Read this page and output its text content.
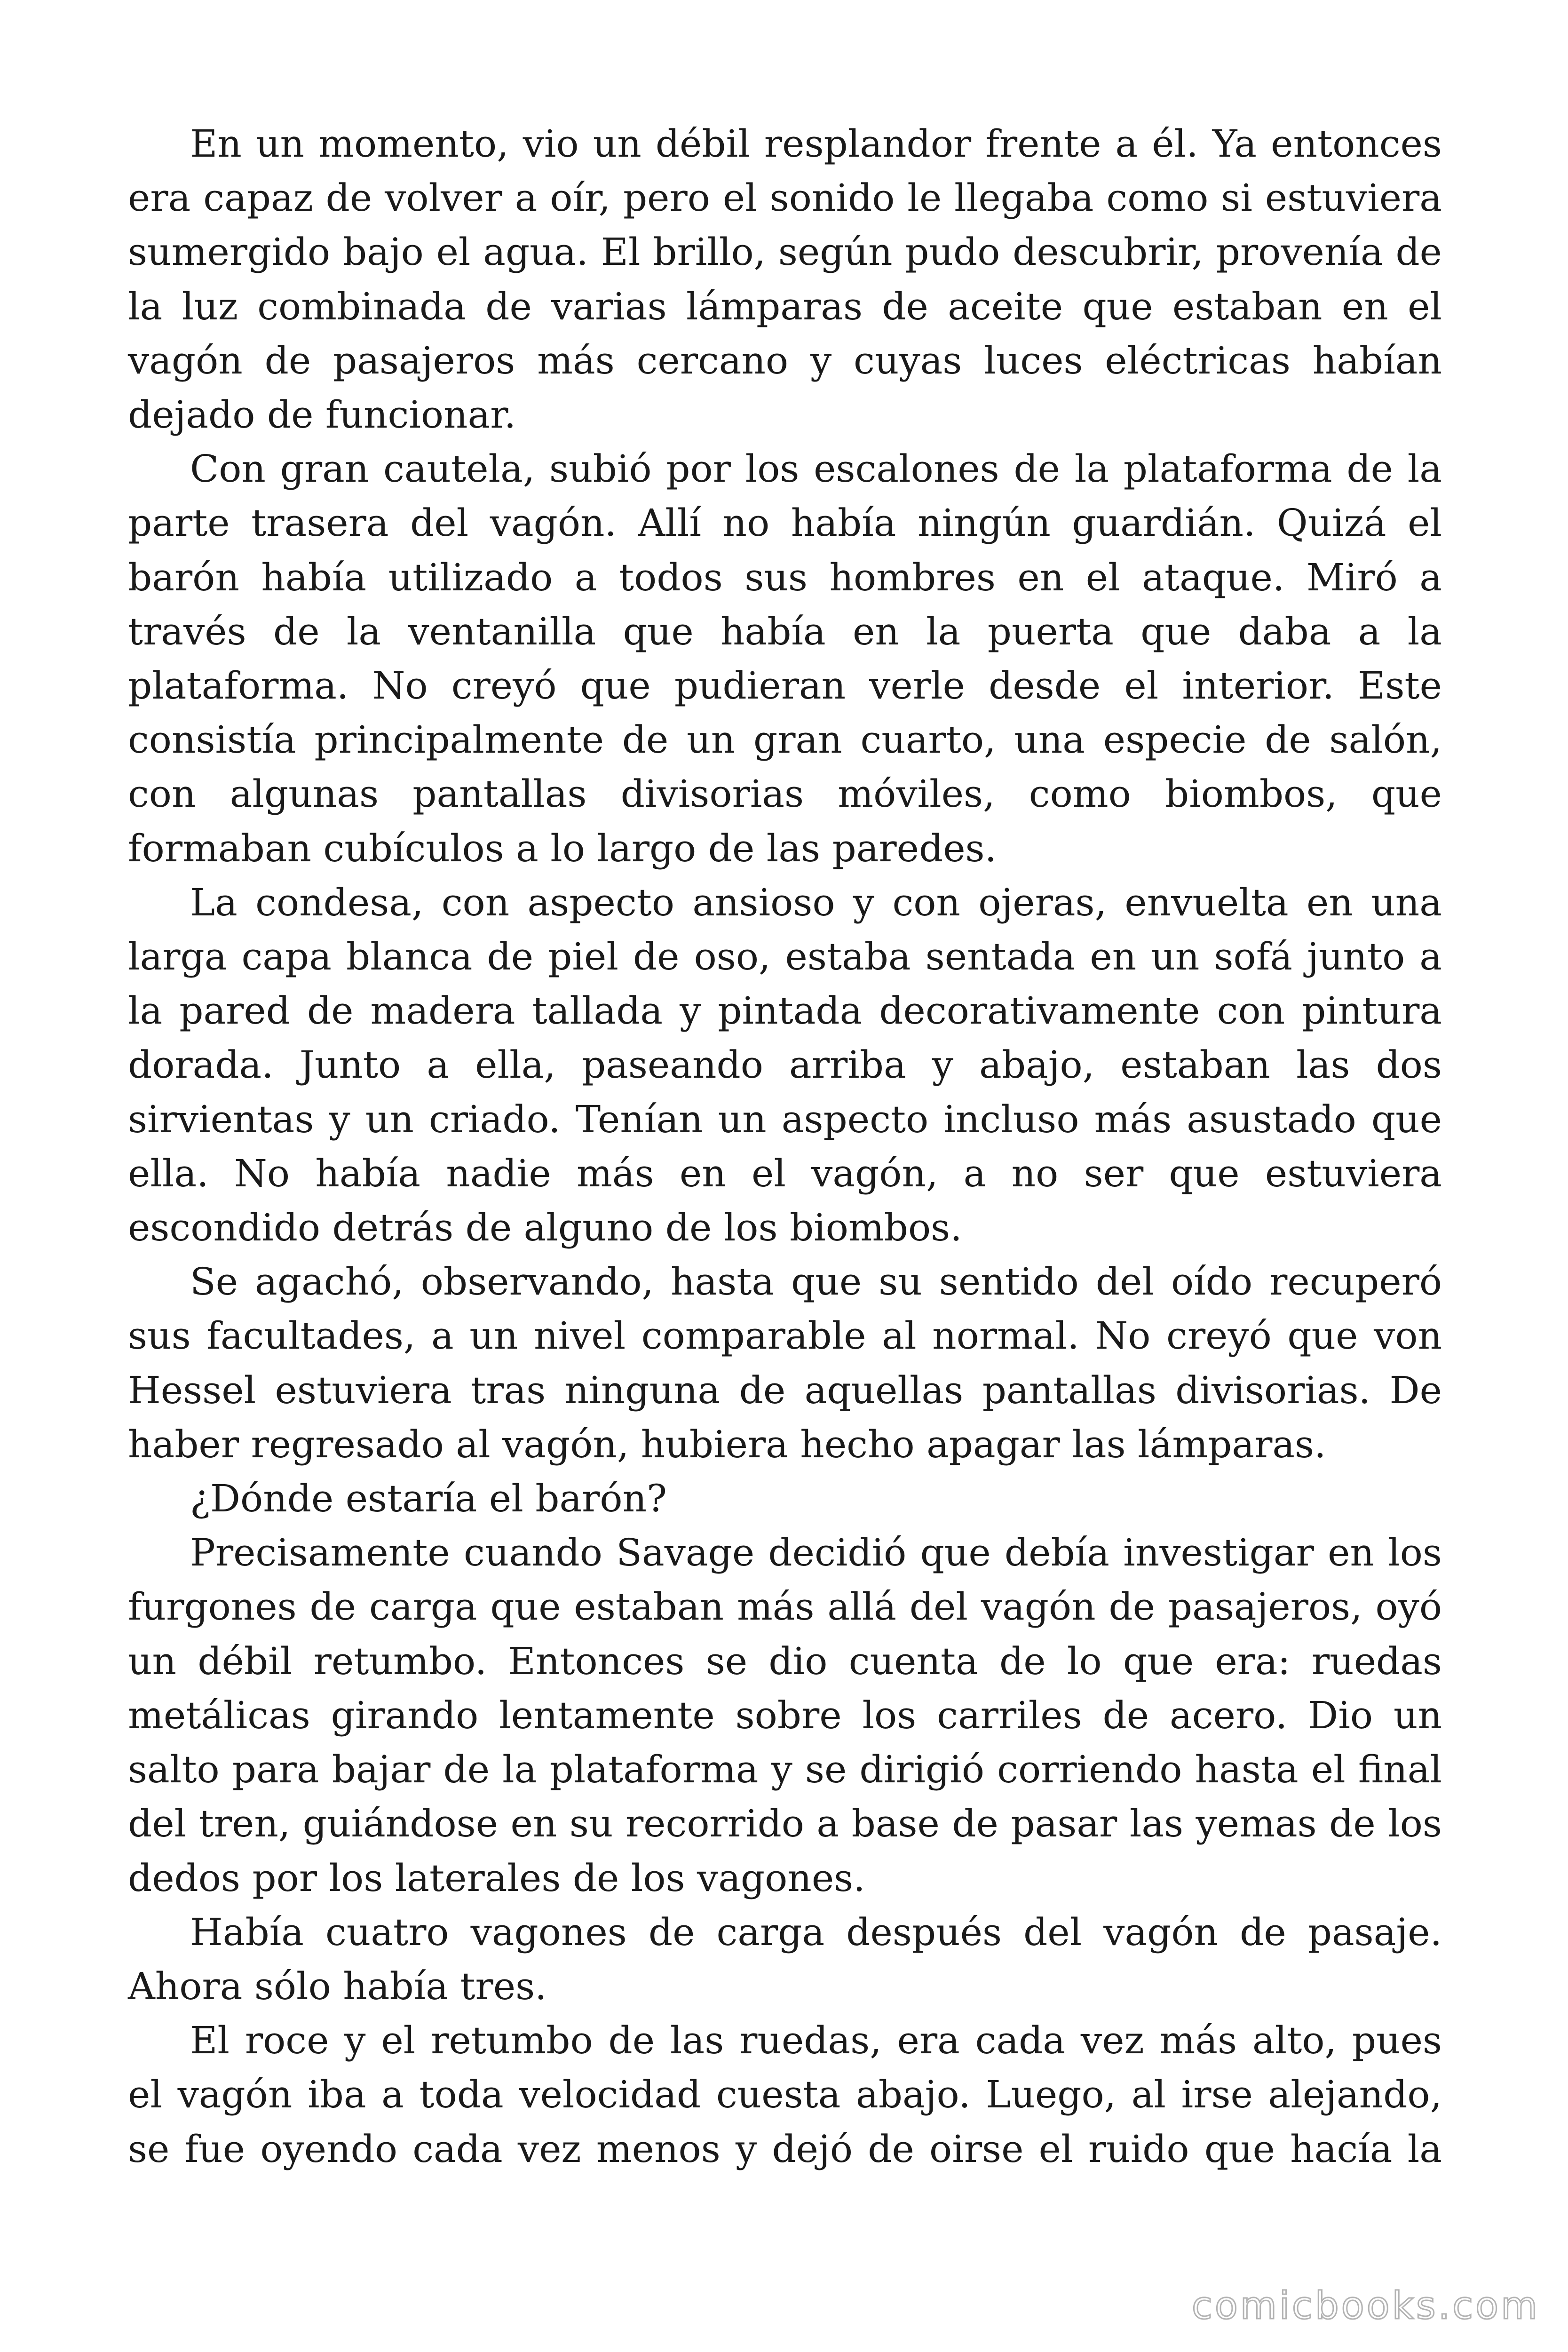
En un momento, vio un débil resplandor frente a él. Ya entonces era capaz de volver a oír, pero el sonido le llegaba como si estuviera sumergido bajo el agua. El brillo, según pudo descubrir, provenía de la luz combinada de varias lámparas de aceite que estaban en el vagón de pasajeros más cercano y cuyas luces eléctricas habían dejado de funcionar.

Con gran cautela, subió por los escalones de la plataforma de la parte trasera del vagón. Allí no había ningún guardián. Quizá el barón había utilizado a todos sus hombres en el ataque. Miró a través de la ventanilla que había en la puerta que daba a la plataforma. No creyó que pudieran verle desde el interior. Este consistía principalmente de un gran cuarto, una especie de salón, con algunas pantallas divisorias móviles, como biombos, que formaban cubículos a lo largo de las paredes.

La condesa, con aspecto ansioso y con ojeras, envuelta en una larga capa blanca de piel de oso, estaba sentada en un sofá junto a la pared de madera tallada y pintada decorativamente con pintura dorada. Junto a ella, paseando arriba y abajo, estaban las dos sirvientas y un criado. Tenían un aspecto incluso más asustado que ella. No había nadie más en el vagón, a no ser que estuviera escondido detrás de alguno de los biombos.

Se agachó, observando, hasta que su sentido del oído recuperó sus facultades, a un nivel comparable al normal. No creyó que von Hessel estuviera tras ninguna de aquellas pantallas divisorias. De haber regresado al vagón, hubiera hecho apagar las lámparas.

¿Dónde estaría el barón?

Precisamente cuando Savage decidió que debía investigar en los furgones de carga que estaban más allá del vagón de pasajeros, oyó un débil retumbo. Entonces se dio cuenta de lo que era: ruedas metálicas girando lentamente sobre los carriles de acero. Dio un salto para bajar de la plataforma y se dirigió corriendo hasta el final del tren, guiándose en su recorrido a base de pasar las yemas de los dedos por los laterales de los vagones.

Había cuatro vagones de carga después del vagón de pasaje. Ahora sólo había tres.

El roce y el retumbo de las ruedas, era cada vez más alto, pues el vagón iba a toda velocidad cuesta abajo. Luego, al irse alejando, se fue oyendo cada vez menos y dejó de oirse el ruido que hacía la

comicbooks.com
